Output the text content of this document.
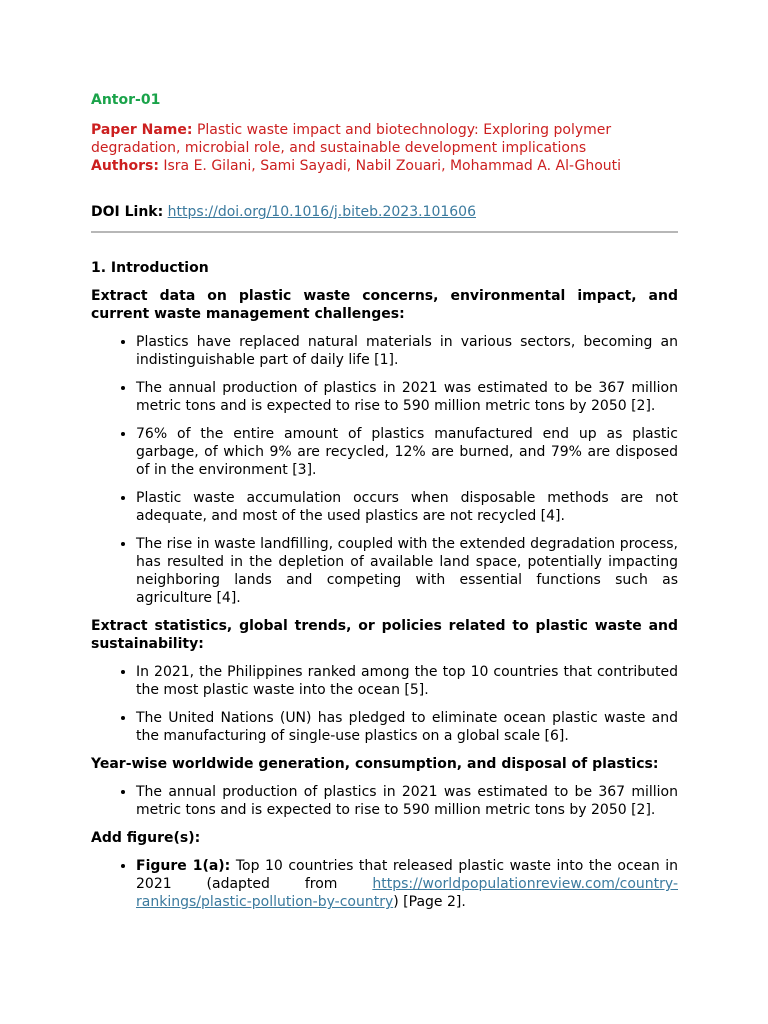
Antor-01

Paper Name: Plastic waste impact and biotechnology: Exploring polymer degradation, microbial role, and sustainable development implications

Authors: Isra E. Gilani, Sami Sayadi, Nabil Zouari, Mohammad A. Al-Ghouti

DOI Link: https://doi.org/10.1016/j.biteb.2023.101606

1. Introduction

Extract data on plastic waste concerns, environmental impact, and current waste management challenges:

• Plastics have replaced natural materials in various sectors, becoming an indistinguishable part of daily life [1].
• The annual production of plastics in 2021 was estimated to be 367 million metric tons and is expected to rise to 590 million metric tons by 2050 [2].
• 76% of the entire amount of plastics manufactured end up as plastic garbage, of which 9% are recycled, 12% are burned, and 79% are disposed of in the environment [3].
• Plastic waste accumulation occurs when disposable methods are not adequate, and most of the used plastics are not recycled [4].
• The rise in waste landfilling, coupled with the extended degradation process, has resulted in the depletion of available land space, potentially impacting neighboring lands and competing with essential functions such as agriculture [4].

Extract statistics, global trends, or policies related to plastic waste and sustainability:

• In 2021, the Philippines ranked among the top 10 countries that contributed the most plastic waste into the ocean [5].
• The United Nations (UN) has pledged to eliminate ocean plastic waste and the manufacturing of single-use plastics on a global scale [6].

Year-wise worldwide generation, consumption, and disposal of plastics:

• The annual production of plastics in 2021 was estimated to be 367 million metric tons and is expected to rise to 590 million metric tons by 2050 [2].

Add figure(s):

• Figure 1(a): Top 10 countries that released plastic waste into the ocean in 2021 (adapted from https://worldpopulationreview.com/country-rankings/plastic-pollution-by-country) [Page 2].
